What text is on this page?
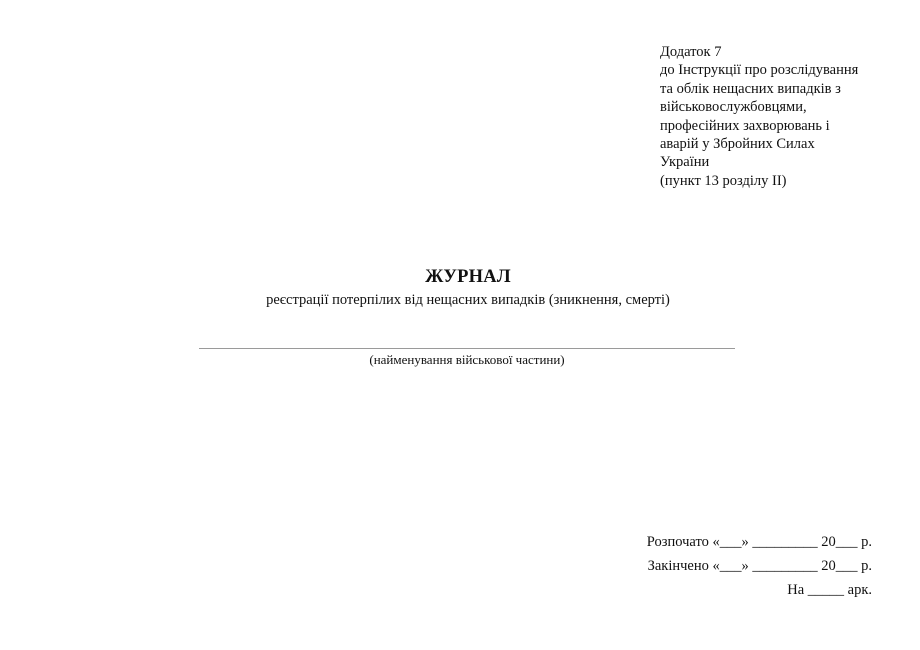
Додаток 7
до Інструкції про розслідування
та облік нещасних випадків з
військовослужбовцями,
професійних захворювань і
аварій у Збройних Силах
України
(пункт 13 розділу ІІ)
ЖУРНАЛ
реєстрації потерпілих від нещасних випадків (зникнення, смерті)
(найменування військової частини)
Розпочато «___» _________ 20___ р.
Закінчено «___» _________ 20___ р.
На _____ арк.
